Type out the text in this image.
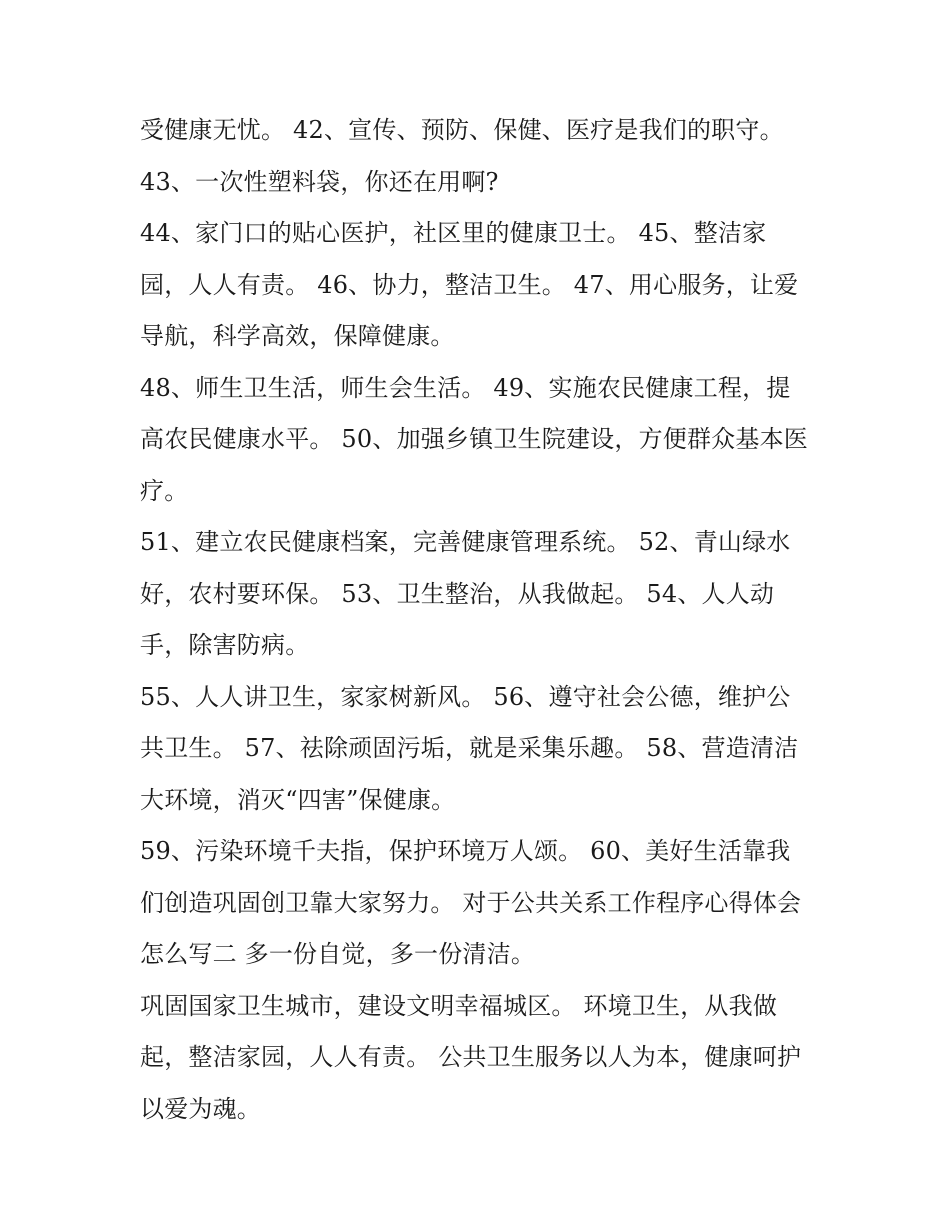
受健康无忧。 42、宣传、预防、保健、医疗是我们的职守。

43、一次性塑料袋，你还在用啊?

44、家门口的贴心医护，社区里的健康卫士。 45、整洁家园，人人有责。 46、协力，整洁卫生。 47、用心服务，让爱导航，科学高效，保障健康。

48、师生卫生活，师生会生活。 49、实施农民健康工程，提高农民健康水平。 50、加强乡镇卫生院建设，方便群众基本医疗。

51、建立农民健康档案，完善健康管理系统。 52、青山绿水好，农村要环保。 53、卫生整治，从我做起。 54、人人动手，除害防病。

55、人人讲卫生，家家树新风。 56、遵守社会公德，维护公共卫生。 57、祛除顽固污垢，就是采集乐趣。 58、营造清洁大环境，消灭“四害”保健康。

59、污染环境千夫指，保护环境万人颂。 60、美好生活靠我们创造巩固创卫靠大家努力。 对于公共关系工作程序心得体会怎么写二 多一份自觉，多一份清洁。

巩固国家卫生城市，建设文明幸福城区。 环境卫生，从我做起，整洁家园，人人有责。 公共卫生服务以人为本，健康呵护以爱为魂。
